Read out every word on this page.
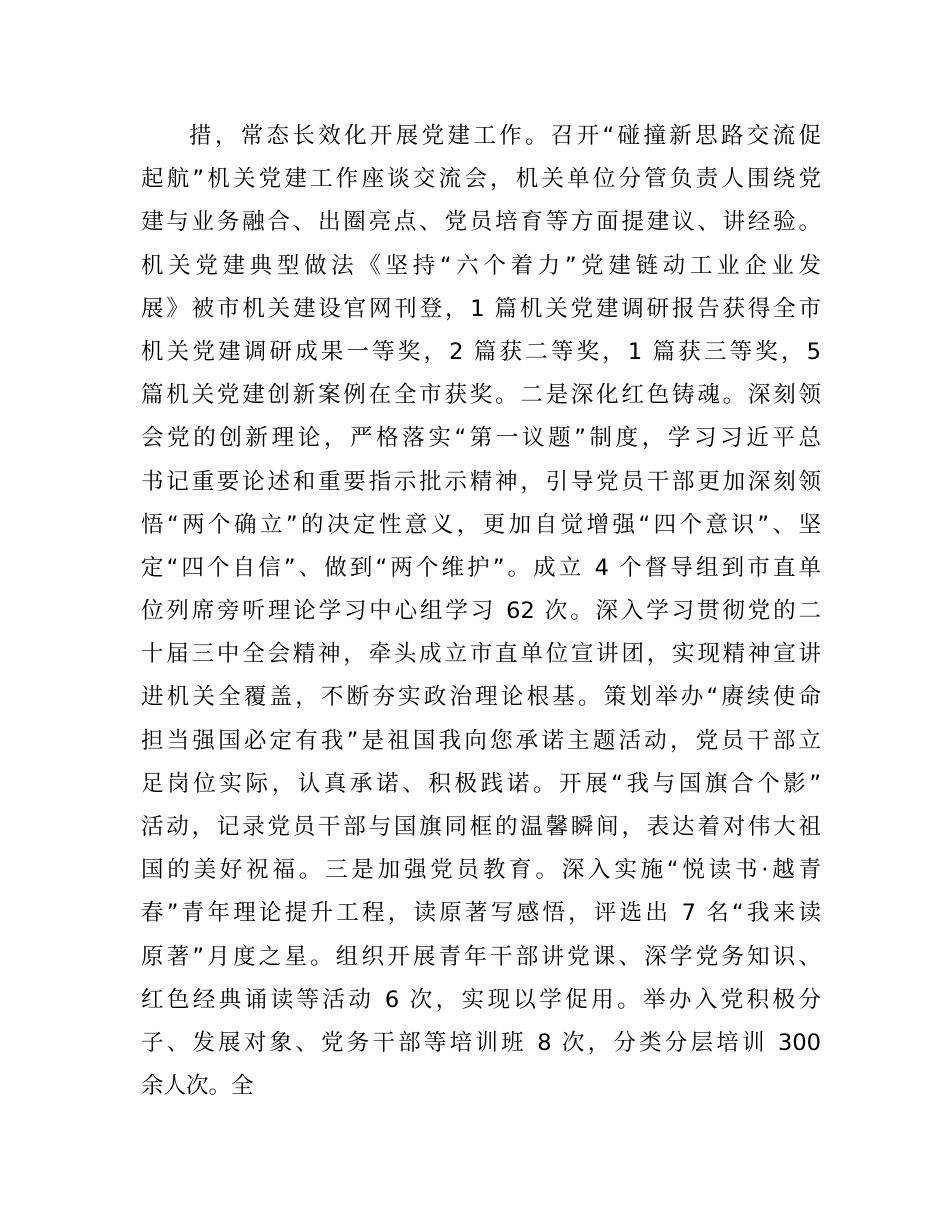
措，常态长效化开展党建工作。召开“碰撞新思路交流促
起航”机关党建工作座谈交流会，机关单位分管负责人围绕党
建与业务融合、出圈亮点、党员培育等方面提建议、讲经验。
机关党建典型做法《坚持“六个着力”党建链动工业企业发
展》被市机关建设官网刊登，1 篇机关党建调研报告获得全市
机关党建调研成果一等奖，2 篇获二等奖，1 篇获三等奖，5
篇机关党建创新案例在全市获奖。二是深化红色铸魂。深刻领
会党的创新理论，严格落实“第一议题”制度，学习习近平总
书记重要论述和重要指示批示精神，引导党员干部更加深刻领
悟“两个确立”的决定性意义，更加自觉增强“四个意识”、坚
定“四个自信”、做到“两个维护”。成立 4 个督导组到市直单
位列席旁听理论学习中心组学习 62 次。深入学习贯彻党的二
十届三中全会精神，牵头成立市直单位宣讲团，实现精神宣讲
进机关全覆盖，不断夯实政治理论根基。策划举办“赓续使命
担当强国必定有我”是祖国我向您承诺主题活动，党员干部立
足岗位实际，认真承诺、积极践诺。开展“我与国旗合个影”
活动，记录党员干部与国旗同框的温馨瞬间，表达着对伟大祖
国的美好祝福。三是加强党员教育。深入实施“悦读书·越青
春”青年理论提升工程，读原著写感悟，评选出 7 名“我来读
原著”月度之星。组织开展青年干部讲党课、深学党务知识、
红色经典诵读等活动 6 次，实现以学促用。举办入党积极分
子、发展对象、党务干部等培训班 8 次，分类分层培训 300
余人次。全
